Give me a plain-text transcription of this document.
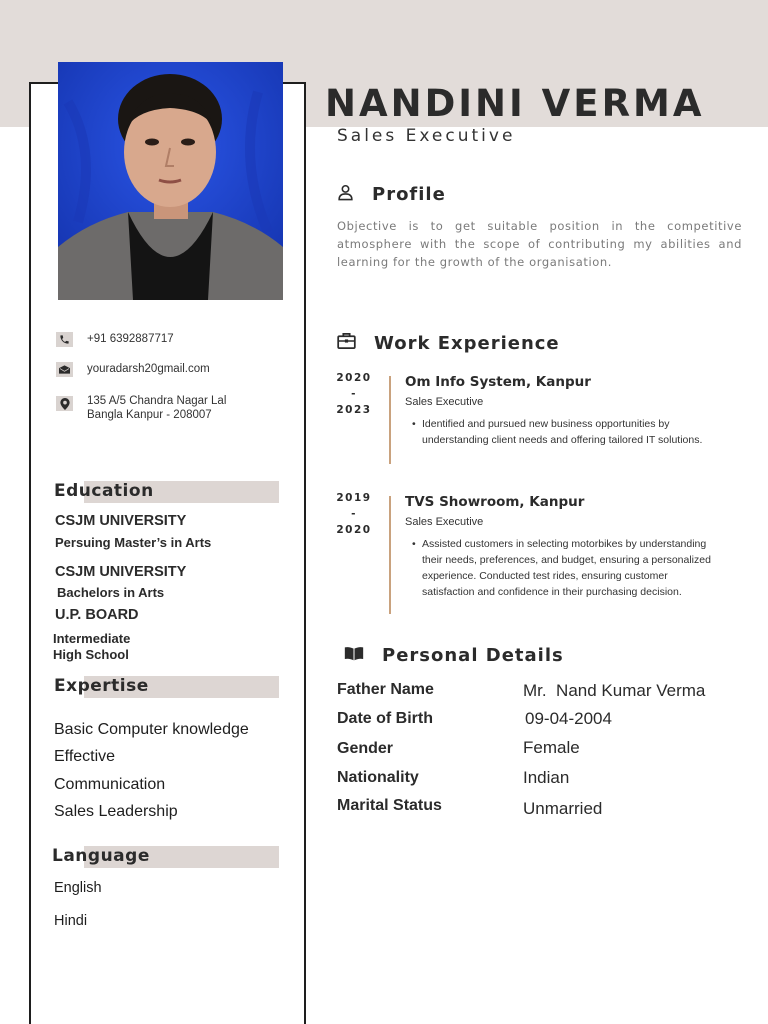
NANDINI VERMA
Sales Executive
+91 6392887717
youradarsh20gmail.com
135 A/5 Chandra Nagar Lal
Bangla Kanpur - 208007
Education
CSJM UNIVERSITY
Persuing Master’s in Arts
CSJM UNIVERSITY
Bachelors in Arts
U.P. BOARD
Intermediate
High School
Expertise
Basic Computer knowledge
Effective
Communication
Sales Leadership
Language
English
Hindi
Profile
Objective is to get suitable position in the competitive atmosphere with the scope of contributing my abilities and learning for the growth of the organisation.
Work Experience
2020
-
2023
Om Info System, Kanpur
Sales Executive
• Identified and pursued new business opportunities by understanding client needs and offering tailored IT solutions.
2019
-
2020
TVS Showroom, Kanpur
Sales Executive
• Assisted customers in selecting motorbikes by understanding their needs, preferences, and budget, ensuring a personalized experience. Conducted test rides, ensuring customer satisfaction and confidence in their purchasing decision.
Personal Details
Father Name	Mr.  Nand Kumar Verma
Date of Birth	09-04-2004
Gender	Female
Nationality	Indian
Marital Status	Unmarried
